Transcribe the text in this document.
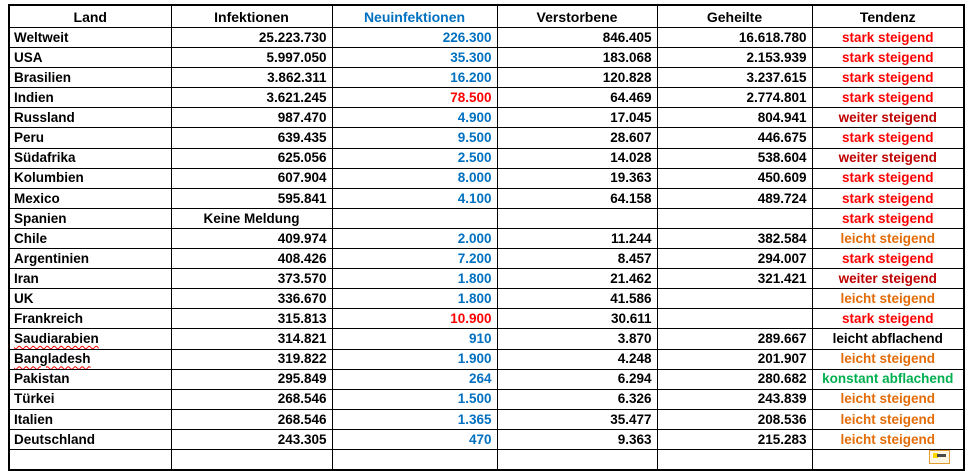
Land	Infektionen	Neuinfektionen	Verstorbene	Geheilte	Tendenz
Weltweit	25.223.730	226.300	846.405	16.618.780	stark steigend
USA	5.997.050	35.300	183.068	2.153.939	stark steigend
Brasilien	3.862.311	16.200	120.828	3.237.615	stark steigend
Indien	3.621.245	78.500	64.469	2.774.801	stark steigend
Russland	987.470	4.900	17.045	804.941	weiter steigend
Peru	639.435	9.500	28.607	446.675	stark steigend
Südafrika	625.056	2.500	14.028	538.604	weiter steigend
Kolumbien	607.904	8.000	19.363	450.609	stark steigend
Mexico	595.841	4.100	64.158	489.724	stark steigend
Spanien	Keine Meldung				stark steigend
Chile	409.974	2.000	11.244	382.584	leicht steigend
Argentinien	408.426	7.200	8.457	294.007	stark steigend
Iran	373.570	1.800	21.462	321.421	weiter steigend
UK	336.670	1.800	41.586		leicht steigend
Frankreich	315.813	10.900	30.611		stark steigend
Saudiarabien	314.821	910	3.870	289.667	leicht abflachend
Bangladesh	319.822	1.900	4.248	201.907	leicht steigend
Pakistan	295.849	264	6.294	280.682	konstant abflachend
Türkei	268.546	1.500	6.326	243.839	leicht steigend
Italien	268.546	1.365	35.477	208.536	leicht steigend
Deutschland	243.305	470	9.363	215.283	leicht steigend
